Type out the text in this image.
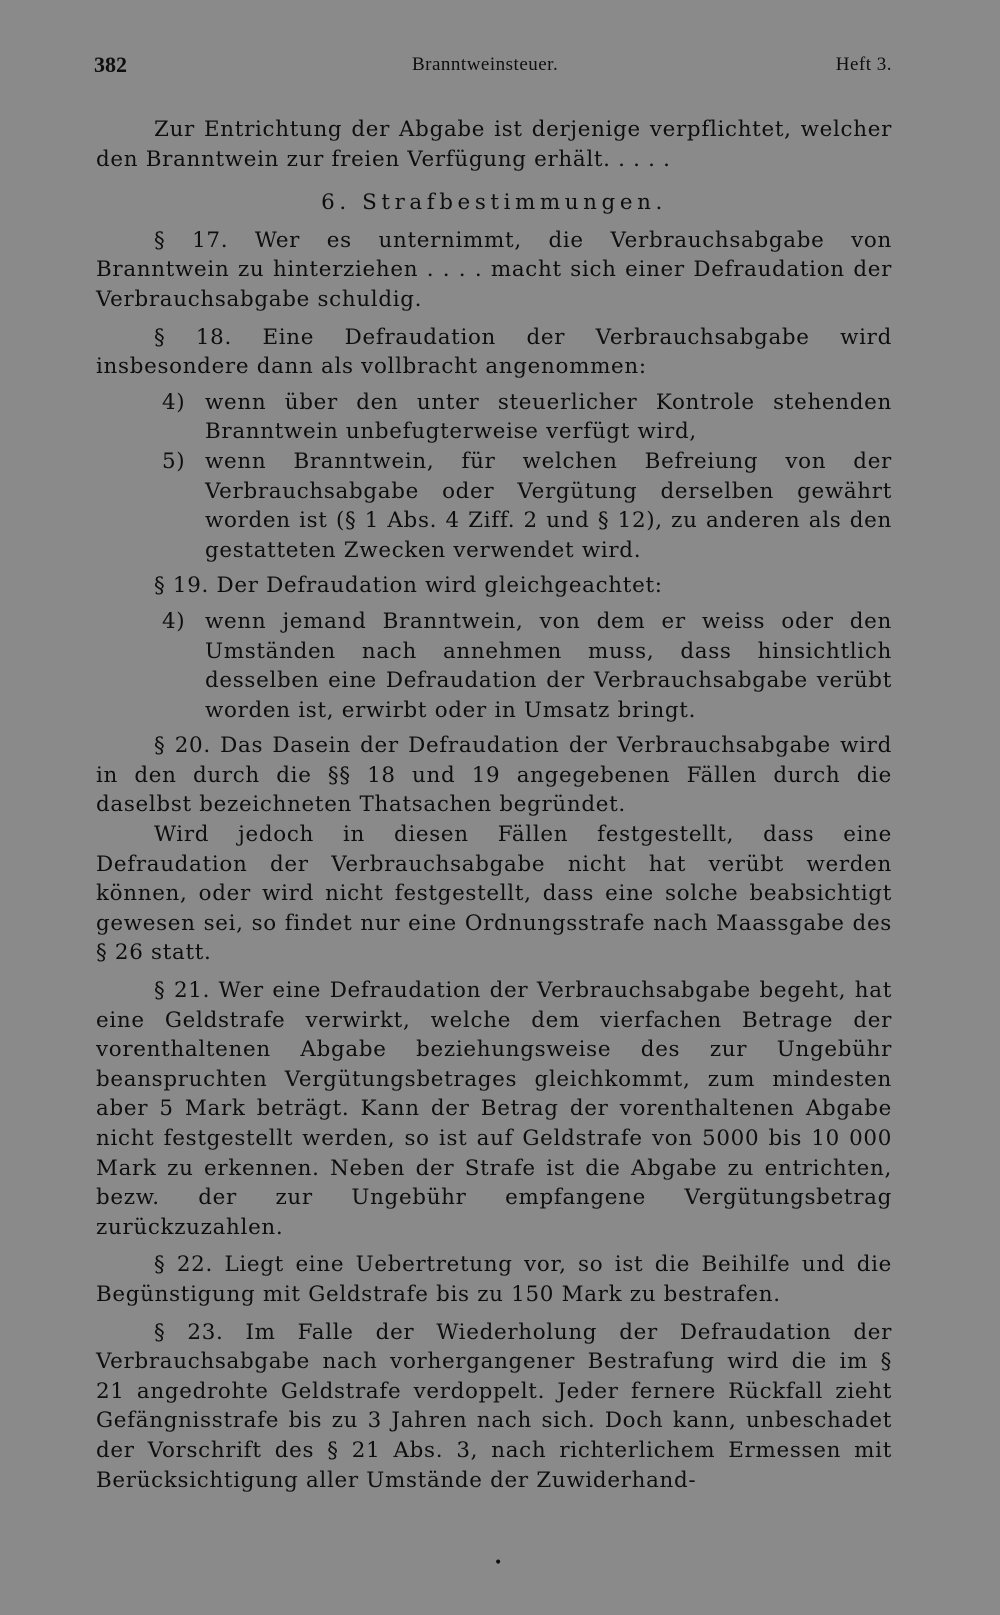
382	Branntweinsteuer.	Heft 3.

Zur Entrichtung der Abgabe ist derjenige verpflichtet, welcher den Branntwein zur freien Verfügung erhält. . . . .

6. Strafbestimmungen.

§ 17. Wer es unternimmt, die Verbrauchsabgabe von Branntwein zu hinterziehen . . . . macht sich einer Defraudation der Verbrauchsabgabe schuldig.

§ 18. Eine Defraudation der Verbrauchsabgabe wird insbesondere dann als vollbracht angenommen:

4) wenn über den unter steuerlicher Kontrole stehenden Branntwein unbefugterweise verfügt wird,
5) wenn Branntwein, für welchen Befreiung von der Verbrauchsabgabe oder Vergütung derselben gewährt worden ist (§ 1 Abs. 4 Ziff. 2 und § 12), zu anderen als den gestatteten Zwecken verwendet wird.

§ 19. Der Defraudation wird gleichgeachtet:

4) wenn jemand Branntwein, von dem er weiss oder den Umständen nach annehmen muss, dass hinsichtlich desselben eine Defraudation der Verbrauchsabgabe verübt worden ist, erwirbt oder in Umsatz bringt.

§ 20. Das Dasein der Defraudation der Verbrauchsabgabe wird in den durch die §§ 18 und 19 angegebenen Fällen durch die daselbst bezeichneten Thatsachen begründet.

Wird jedoch in diesen Fällen festgestellt, dass eine Defraudation der Verbrauchsabgabe nicht hat verübt werden können, oder wird nicht festgestellt, dass eine solche beabsichtigt gewesen sei, so findet nur eine Ordnungsstrafe nach Maassgabe des § 26 statt.

§ 21. Wer eine Defraudation der Verbrauchsabgabe begeht, hat eine Geldstrafe verwirkt, welche dem vierfachen Betrage der vorenthaltenen Abgabe beziehungsweise des zur Ungebühr beanspruchten Vergütungsbetrages gleichkommt, zum mindesten aber 5 Mark beträgt. Kann der Betrag der vorenthaltenen Abgabe nicht festgestellt werden, so ist auf Geldstrafe von 5000 bis 10 000 Mark zu erkennen. Neben der Strafe ist die Abgabe zu entrichten, bezw. der zur Ungebühr empfangene Vergütungsbetrag zurückzuzahlen.

§ 22. Liegt eine Uebertretung vor, so ist die Beihilfe und die Begünstigung mit Geldstrafe bis zu 150 Mark zu bestrafen.

§ 23. Im Falle der Wiederholung der Defraudation der Verbrauchsabgabe nach vorhergangener Bestrafung wird die im § 21 angedrohte Geldstrafe verdoppelt. Jeder fernere Rückfall zieht Gefängnisstrafe bis zu 3 Jahren nach sich. Doch kann, unbeschadet der Vorschrift des § 21 Abs. 3, nach richterlichem Ermessen mit Berücksichtigung aller Umstände der Zuwiderhand-

•
